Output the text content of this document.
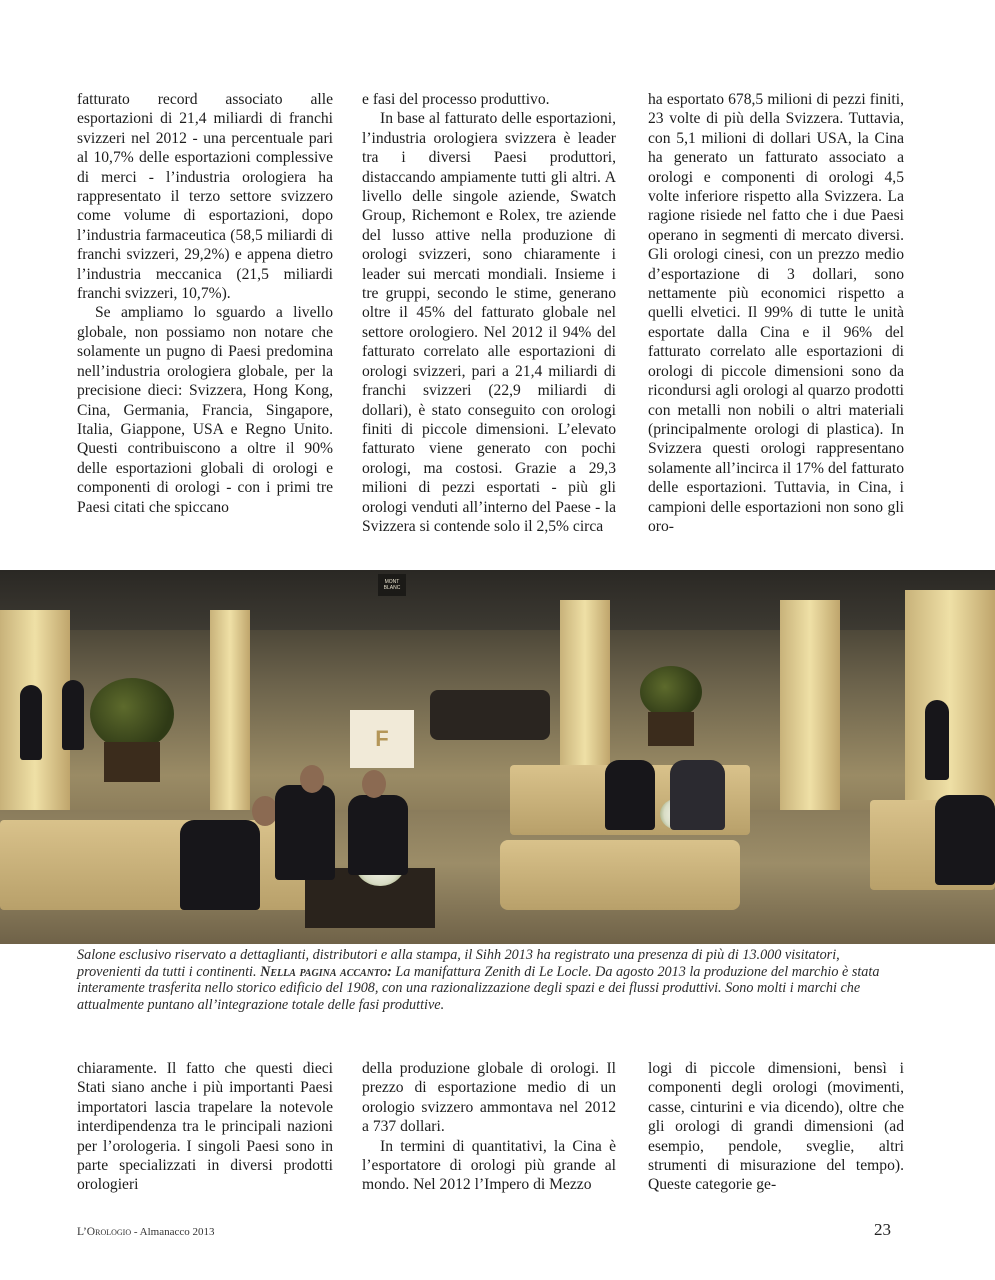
fatturato record associato alle esportazioni di 21,4 miliardi di franchi svizzeri nel 2012 - una percentuale pari al 10,7% delle esportazioni complessive di merci - l’industria orologiera ha rappresentato il terzo settore svizzero come volume di esportazioni, dopo l’industria farmaceutica (58,5 miliardi di franchi svizzeri, 29,2%) e appena dietro l’industria meccanica (21,5 miliardi franchi svizzeri, 10,7%).

Se ampliamo lo sguardo a livello globale, non possiamo non notare che solamente un pugno di Paesi predomina nell’industria orologiera globale, per la precisione dieci: Svizzera, Hong Kong, Cina, Germania, Francia, Singapore, Italia, Giappone, USA e Regno Unito. Questi contribuiscono a oltre il 90% delle esportazioni globali di orologi e componenti di orologi - con i primi tre Paesi citati che spiccano

e fasi del processo produttivo.

In base al fatturato delle esportazioni, l’industria orologiera svizzera è leader tra i diversi Paesi produttori, distaccando ampiamente tutti gli altri. A livello delle singole aziende, Swatch Group, Richemont e Rolex, tre aziende del lusso attive nella produzione di orologi svizzeri, sono chiaramente i leader sui mercati mondiali. Insieme i tre gruppi, secondo le stime, generano oltre il 45% del fatturato globale nel settore orologiero. Nel 2012 il 94% del fatturato correlato alle esportazioni di orologi svizzeri, pari a 21,4 miliardi di franchi svizzeri (22,9 miliardi di dollari), è stato conseguito con orologi finiti di piccole dimensioni. L’elevato fatturato viene generato con pochi orologi, ma costosi. Grazie a 29,3 milioni di pezzi esportati - più gli orologi venduti all’interno del Paese - la Svizzera si contende solo il 2,5% circa

ha esportato 678,5 milioni di pezzi finiti, 23 volte di più della Svizzera. Tuttavia, con 5,1 milioni di dollari USA, la Cina ha generato un fatturato associato a orologi e componenti di orologi 4,5 volte inferiore rispetto alla Svizzera. La ragione risiede nel fatto che i due Paesi operano in segmenti di mercato diversi. Gli orologi cinesi, con un prezzo medio d’esportazione di 3 dollari, sono nettamente più economici rispetto a quelli elvetici. Il 99% di tutte le unità esportate dalla Cina e il 96% del fatturato correlato alle esportazioni di orologi di piccole dimensioni sono da ricondursi agli orologi al quarzo prodotti con metalli non nobili o altri materiali (principalmente orologi di plastica). In Svizzera questi orologi rappresentano solamente all’incirca il 17% del fatturato delle esportazioni. Tuttavia, in Cina, i campioni delle esportazioni non sono gli oro-

MONT BLANC
F

Salone esclusivo riservato a dettaglianti, distributori e alla stampa, il Sihh 2013 ha registrato una presenza di più di 13.000 visitatori, provenienti da tutti i continenti. Nella pagina accanto: La manifattura Zenith di Le Locle. Da agosto 2013 la produzione del marchio è stata interamente trasferita nello storico edificio del 1908, con una razionalizzazione degli spazi e dei flussi produttivi. Sono molti i marchi che attualmente puntano all’integrazione totale delle fasi produttive.

chiaramente. Il fatto che questi dieci Stati siano anche i più importanti Paesi importatori lascia trapelare la notevole interdipendenza tra le principali nazioni per l’orologeria. I singoli Paesi sono in parte specializzati in diversi prodotti orologieri

della produzione globale di orologi. Il prezzo di esportazione medio di un orologio svizzero ammontava nel 2012 a 737 dollari.

In termini di quantitativi, la Cina è l’esportatore di orologi più grande al mondo. Nel 2012 l’Impero di Mezzo

logi di piccole dimensioni, bensì i componenti degli orologi (movimenti, casse, cinturini e via dicendo), oltre che gli orologi di grandi dimensioni (ad esempio, pendole, sveglie, altri strumenti di misurazione del tempo). Queste categorie ge-

L’Orologio - Almanacco 2013	23
